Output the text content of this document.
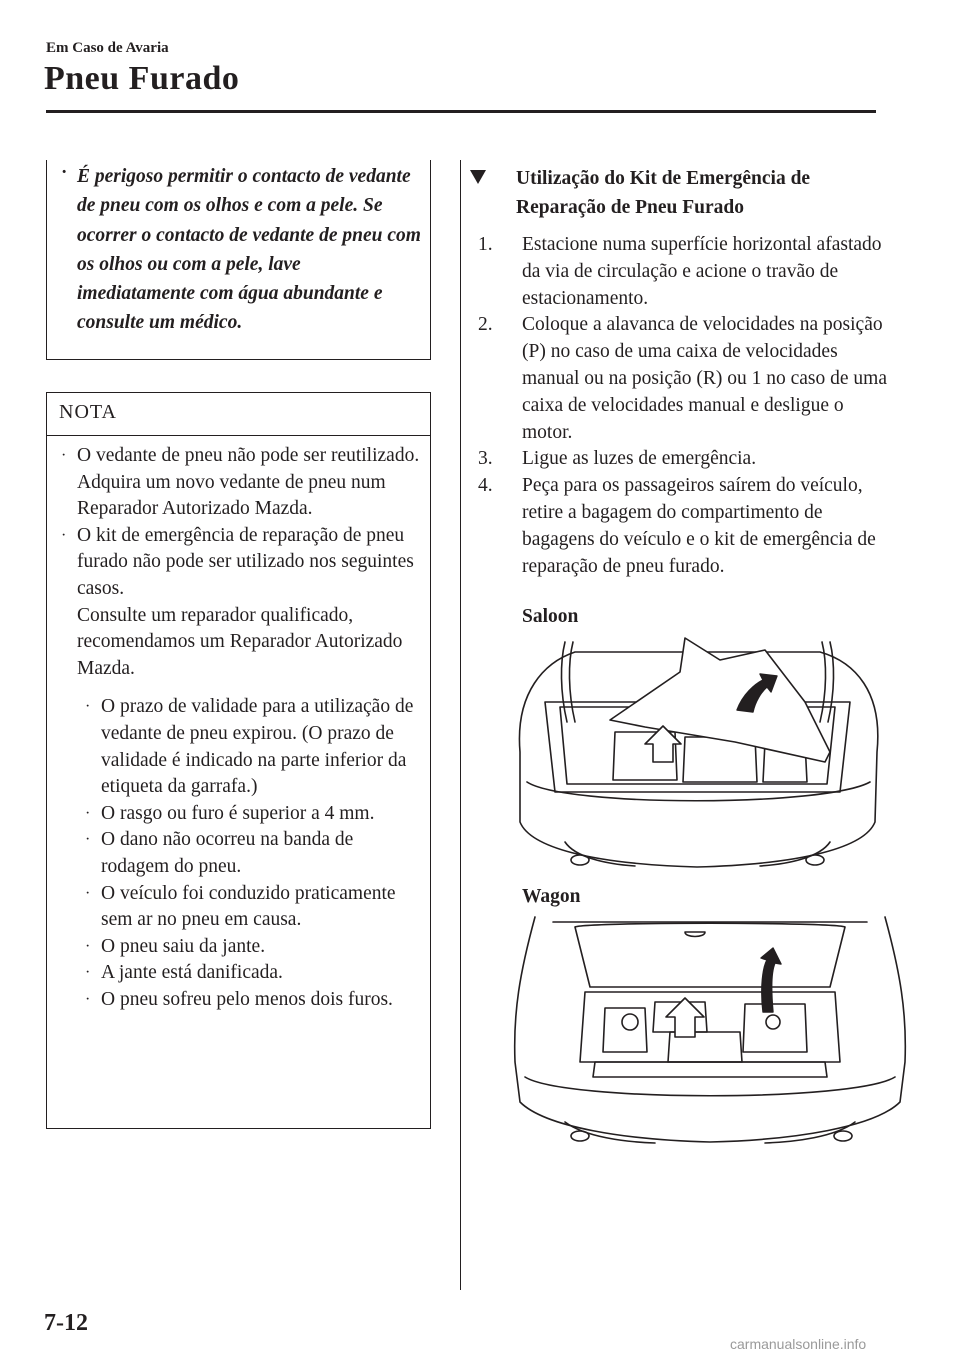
Em Caso de Avaria
Pneu Furado
· É perigoso permitir o contacto de vedante de pneu com os olhos e com a pele. Se ocorrer o contacto de vedante de pneu com os olhos ou com a pele, lave imediatamente com água abundante e consulte um médico.
NOTA
· O vedante de pneu não pode ser reutilizado. Adquira um novo vedante de pneu num Reparador Autorizado Mazda.
· O kit de emergência de reparação de pneu furado não pode ser utilizado nos seguintes casos.
Consulte um reparador qualificado, recomendamos um Reparador Autorizado Mazda.
· O prazo de validade para a utilização de vedante de pneu expirou. (O prazo de validade é indicado na parte inferior da etiqueta da garrafa.)
· O rasgo ou furo é superior a 4 mm.
· O dano não ocorreu na banda de rodagem do pneu.
· O veículo foi conduzido praticamente sem ar no pneu em causa.
· O pneu saiu da jante.
· A jante está danificada.
· O pneu sofreu pelo menos dois furos.
Utilização do Kit de Emergência de Reparação de Pneu Furado
1. Estacione numa superfície horizontal afastado da via de circulação e acione o travão de estacionamento.
2. Coloque a alavanca de velocidades na posição (P) no caso de uma caixa de velocidades manual ou na posição (R) ou 1 no caso de uma caixa de velocidades manual e desligue o motor.
3. Ligue as luzes de emergência.
4. Peça para os passageiros saírem do veículo, retire a bagagem do compartimento de bagagens do veículo e o kit de emergência de reparação de pneu furado.
Saloon
Wagon
7-12
carmanualsonline.info
